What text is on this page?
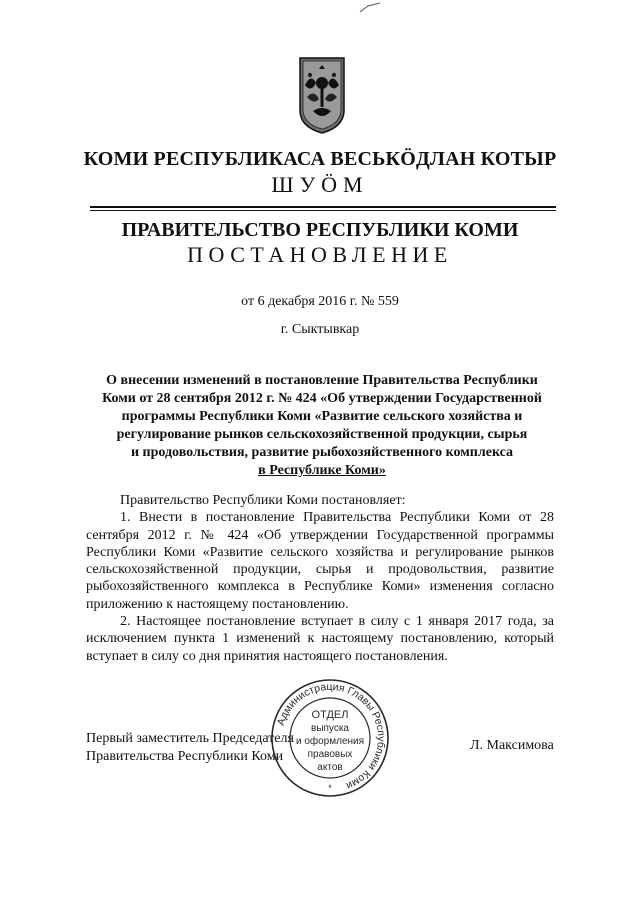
КОМИ РЕСПУБЛИКАСА ВЕСЬКӦДЛАН КОТЫР
ШУӦМ
ПРАВИТЕЛЬСТВО РЕСПУБЛИКИ КОМИ
ПОСТАНОВЛЕНИЕ
от 6 декабря 2016 г. № 559
г. Сыктывкар
О внесении изменений в постановление Правительства Республики
Коми от 28 сентября 2012 г. № 424 «Об утверждении Государственной
программы Республики Коми «Развитие сельского хозяйства и
регулирование рынков сельскохозяйственной продукции, сырья
и продовольствия, развитие рыбохозяйственного комплекса
в Республике Коми»

Правительство Республики Коми постановляет:

1. Внести в постановление Правительства Республики Коми от 28 сентября 2012 г. № 424 «Об утверждении Государственной программы Республики Коми «Развитие сельского хозяйства и регулирование рынков сельскохозяйственной продукции, сырья и продовольствия, развитие рыбохозяйственного комплекса в Республике Коми» изменения согласно приложению к настоящему постановлению.

2. Настоящее постановление вступает в силу с 1 января 2017 года, за исключением пункта 1 изменений к настоящему постановлению, который вступает в силу со дня принятия настоящего постановления.

Первый заместитель Председателя
Правительства Республики Коми
Л. Максимова
Администрация Главы Республики Коми
*
ОТДЕЛ
выпуска
и оформления
правовых
актов
